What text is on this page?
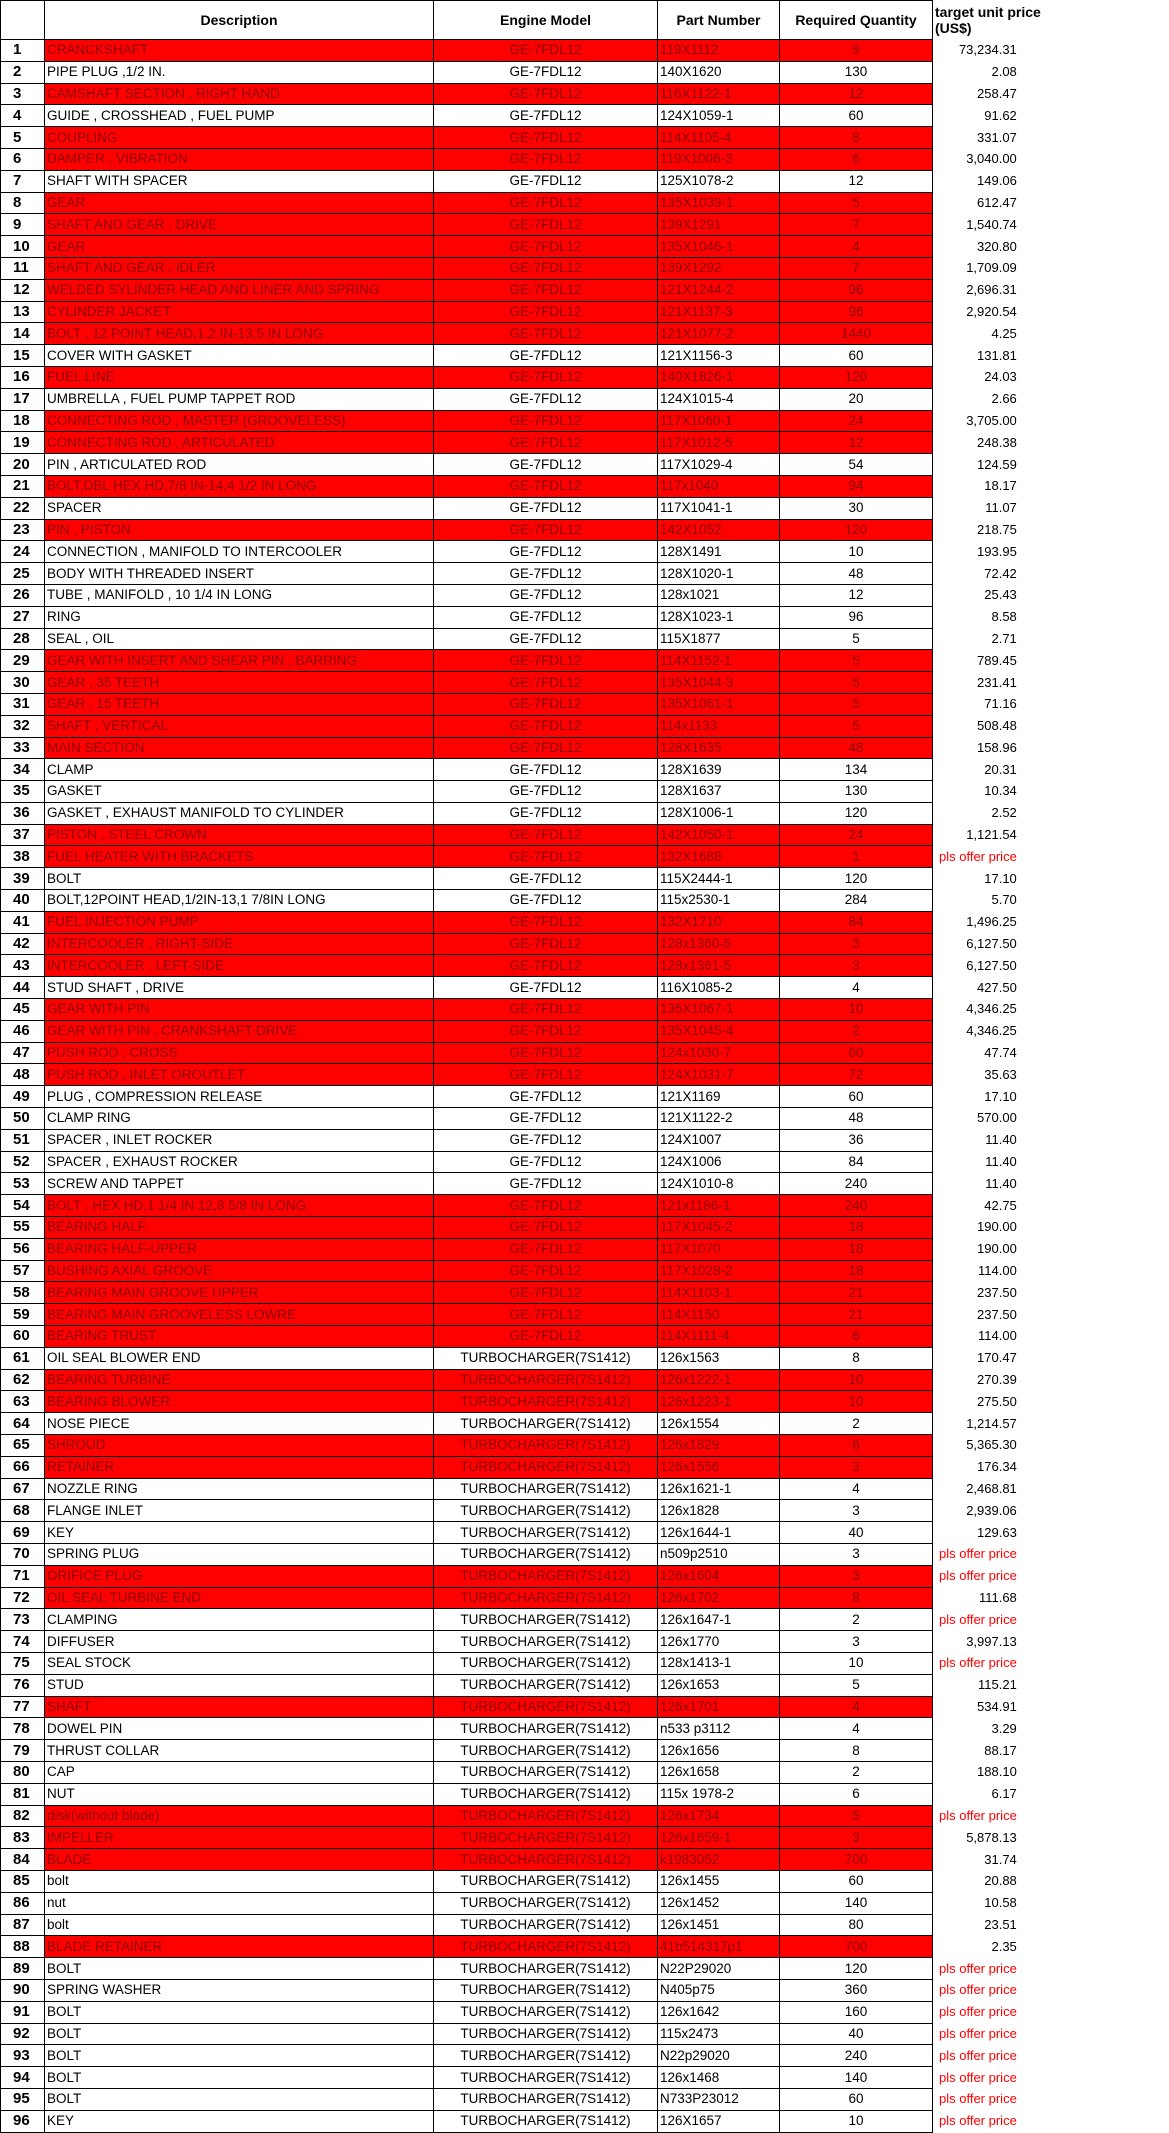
	Description	Engine Model	Part Number	Required Quantity	target unit price (US$)
1	CRANCKSHAFT	GE-7FDL12	119X1112	9	73,234.31
2	PIPE PLUG ,1/2 IN.	GE-7FDL12	140X1620	130	2.08
3	CAMSHAFT SECTION , RIGHT HAND	GE-7FDL12	116X1122-1	12	258.47
4	GUIDE , CROSSHEAD , FUEL PUMP	GE-7FDL12	124X1059-1	60	91.62
5	COUPLING	GE-7FDL12	114X1105-4	8	331.07
6	DAMPER , VIBRATION	GE-7FDL12	119X1006-3	6	3,040.00
7	SHAFT WITH SPACER	GE-7FDL12	125X1078-2	12	149.06
8	GEAR	GE-7FDL12	135X1039-1	5	612.47
9	SHAFT AND GEAR , DRIVE	GE-7FDL12	139X1291	7	1,540.74
10	GEAR	GE-7FDL12	135X1046-1	4	320.80
11	SHAFT AND GEAR , IDLER	GE-7FDL12	139X1292	7	1,709.09
12	WELDED SYLINDER HEAD AND LINER AND SPRING	GE-7FDL12	121X1244-2	96	2,696.31
13	CYLINDER JACKET	GE-7FDL12	121X1137-3	96	2,920.54
14	BOLT , 12 POINT HEAD,1.2 IN-13,5 IN LONG	GE-7FDL12	121X1077-2	1440	4.25
15	COVER WITH GASKET	GE-7FDL12	121X1156-3	60	131.81
16	FUEL LINE	GE-7FDL12	140X1826-1	120	24.03
17	UMBRELLA , FUEL PUMP TAPPET ROD	GE-7FDL12	124X1015-4	20	2.66
18	CONNECTING ROD , MASTER (GROOVELESS)	GE-7FDL12	117X1060-1	24	3,705.00
19	CONNECTING ROD , ARTICULATED	GE-7FDL12	117X1012-5	12	248.38
20	PIN , ARTICULATED ROD	GE-7FDL12	117X1029-4	54	124.59
21	BOLT,DBL HEX HD,7/8 IN-14,4 1/2 IN LONG	GE-7FDL12	117x1040	94	18.17
22	SPACER	GE-7FDL12	117X1041-1	30	11.07
23	PIN , PISTON	GE-7FDL12	142X1052	120	218.75
24	CONNECTION , MANIFOLD TO INTERCOOLER	GE-7FDL12	128X1491	10	193.95
25	BODY WITH THREADED INSERT	GE-7FDL12	128X1020-1	48	72.42
26	TUBE , MANIFOLD , 10 1/4 IN LONG	GE-7FDL12	128x1021	12	25.43
27	RING	GE-7FDL12	128X1023-1	96	8.58
28	SEAL , OIL	GE-7FDL12	115X1877	5	2.71
29	GEAR WITH INSERT AND SHEAR PIN , BARRING	GE-7FDL12	114X1152-1	5	789.45
30	GEAR , 35 TEETH	GE-7FDL12	135X1044-3	5	231.41
31	GEAR , 15 TEETH	GE-7FDL12	135X1061-1	5	71.16
32	SHAFT , VERTICAL	GE-7FDL12	114x1133	5	508.48
33	MAIN SECTION	GE-7FDL12	128X1635	48	158.96
34	CLAMP	GE-7FDL12	128X1639	134	20.31
35	GASKET	GE-7FDL12	128X1637	130	10.34
36	GASKET , EXHAUST MANIFOLD TO CYLINDER	GE-7FDL12	128X1006-1	120	2.52
37	PISTON , STEEL CROWN	GE-7FDL12	142X1050-1	24	1,121.54
38	FUEL HEATER WITH BRACKETS	GE-7FDL12	132X1688	1	pls offer price
39	BOLT	GE-7FDL12	115X2444-1	120	17.10
40	BOLT,12POINT HEAD,1/2IN-13,1 7/8IN LONG	GE-7FDL12	115x2530-1	284	5.70
41	FUEL INJECTION PUMP	GE-7FDL12	132X1710	84	1,496.25
42	INTERCOOLER , RIGHT-SIDE	GE-7FDL12	128x1360-5	3	6,127.50
43	INTERCOOLER , LEFT-SIDE	GE-7FDL12	128x1361-5	3	6,127.50
44	STUD SHAFT , DRIVE	GE-7FDL12	116X1085-2	4	427.50
45	GEAR WITH PIN	GE-7FDL12	135X1067-1	10	4,346.25
46	GEAR WITH PIN , CRANKSHAFT DRIVE	GE-7FDL12	135X1045-4	2	4,346.25
47	PUSH ROD , CROSS	GE-7FDL12	124x1030-7	60	47.74
48	PUSH ROD , INLET OROUTLET	GE-7FDL12	124X1031-7	72	35.63
49	PLUG , COMPRESSION RELEASE	GE-7FDL12	121X1169	60	17.10
50	CLAMP RING	GE-7FDL12	121X1122-2	48	570.00
51	SPACER , INLET ROCKER	GE-7FDL12	124X1007	36	11.40
52	SPACER , EXHAUST ROCKER	GE-7FDL12	124X1006	84	11.40
53	SCREW AND TAPPET	GE-7FDL12	124X1010-8	240	11.40
54	BOLT , HEX HD,1 1/4 IN 12,8 5/8 IN LONG	GE-7FDL12	121x1186-1	240	42.75
55	BEARING HALF	GE-7FDL12	117X1045-2	18	190.00
56	BEARING HALF-UPPER	GE-7FDL12	117X1070	18	190.00
57	BUSHING AXIAL GROOVE	GE-7FDL12	117X1028-2	18	114.00
58	BEARING MAIN GROOVE UPPER	GE-7FDL12	114X1103-1	21	237.50
59	BEARING MAIN GROOVELESS LOWRE	GE-7FDL12	114X1150	21	237.50
60	BEARING TRUST	GE-7FDL12	114X1111-4	6	114.00
61	OIL SEAL BLOWER END	TURBOCHARGER(7S1412)	126x1563	8	170.47
62	BEARING TURBINE	TURBOCHARGER(7S1412)	126x1222-1	10	270.39
63	BEARING BLOWER	TURBOCHARGER(7S1412)	126x1223-1	10	275.50
64	NOSE PIECE	TURBOCHARGER(7S1412)	126x1554	2	1,214.57
65	SHROUD	TURBOCHARGER(7S1412)	126x1829	6	5,365.30
66	RETAINER	TURBOCHARGER(7S1412)	126x1556	3	176.34
67	NOZZLE RING	TURBOCHARGER(7S1412)	126x1621-1	4	2,468.81
68	FLANGE INLET	TURBOCHARGER(7S1412)	126x1828	3	2,939.06
69	KEY	TURBOCHARGER(7S1412)	126x1644-1	40	129.63
70	SPRING PLUG	TURBOCHARGER(7S1412)	n509p2510	3	pls offer price
71	ORIFICE PLUG	TURBOCHARGER(7S1412)	126x1604	3	pls offer price
72	OIL SEAL TURBINE END	TURBOCHARGER(7S1412)	126x1702	8	111.68
73	CLAMPING	TURBOCHARGER(7S1412)	126x1647-1	2	pls offer price
74	DIFFUSER	TURBOCHARGER(7S1412)	126x1770	3	3,997.13
75	SEAL STOCK	TURBOCHARGER(7S1412)	128x1413-1	10	pls offer price
76	STUD	TURBOCHARGER(7S1412)	126x1653	5	115.21
77	SHAFT	TURBOCHARGER(7S1412)	126x1701	4	534.91
78	DOWEL PIN	TURBOCHARGER(7S1412)	n533 p3112	4	3.29
79	THRUST COLLAR	TURBOCHARGER(7S1412)	126x1656	8	88.17
80	CAP	TURBOCHARGER(7S1412)	126x1658	2	188.10
81	NUT	TURBOCHARGER(7S1412)	115x 1978-2	6	6.17
82	disk(without blade)	TURBOCHARGER(7S1412)	126x1734	5	pls offer price
83	IMPELLER	TURBOCHARGER(7S1412)	126x1659-1	3	5,878.13
84	BLADE	TURBOCHARGER(7S1412)	k1983052	700	31.74
85	bolt	TURBOCHARGER(7S1412)	126x1455	60	20.88
86	nut	TURBOCHARGER(7S1412)	126x1452	140	10.58
87	bolt	TURBOCHARGER(7S1412)	126x1451	80	23.51
88	BLADE RETAINER	TURBOCHARGER(7S1412)	41b514317p1	700	2.35
89	BOLT	TURBOCHARGER(7S1412)	N22P29020	120	pls offer price
90	SPRING WASHER	TURBOCHARGER(7S1412)	N405p75	360	pls offer price
91	BOLT	TURBOCHARGER(7S1412)	126x1642	160	pls offer price
92	BOLT	TURBOCHARGER(7S1412)	115x2473	40	pls offer price
93	BOLT	TURBOCHARGER(7S1412)	N22p29020	240	pls offer price
94	BOLT	TURBOCHARGER(7S1412)	126x1468	140	pls offer price
95	BOLT	TURBOCHARGER(7S1412)	N733P23012	60	pls offer price
96	KEY	TURBOCHARGER(7S1412)	126X1657	10	pls offer price
